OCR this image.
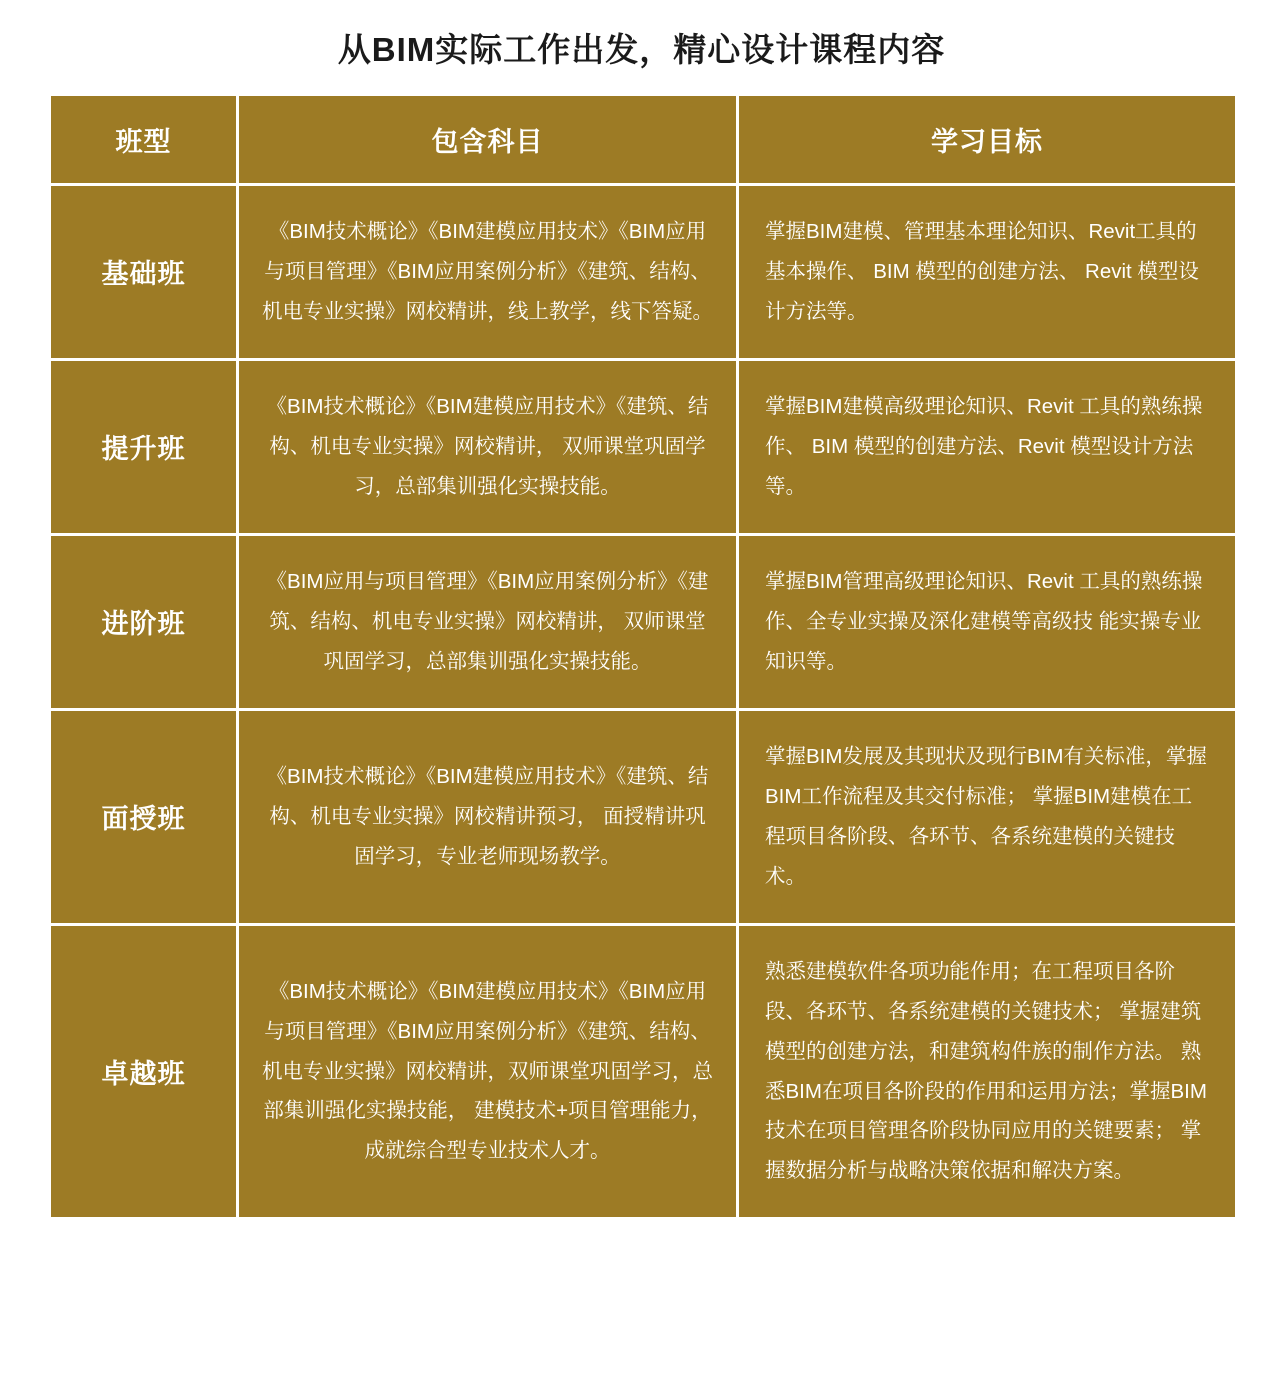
从BIM实际工作出发，精心设计课程内容
班型	包含科目	学习目标
基础班	《BIM技术概论》《BIM建模应用技术》《BIM应用与项目管理》《BIM应用案例分析》《建筑、结构、机电专业实操》网校精讲，线上教学，线下答疑。	掌握BIM建模、管理基本理论知识、Revit工具的基本操作、 BIM 模型的创建方法、 Revit 模型设计方法等。
提升班	《BIM技术概论》《BIM建模应用技术》《建筑、结构、机电专业实操》网校精讲， 双师课堂巩固学习，总部集训强化实操技能。	掌握BIM建模高级理论知识、Revit 工具的熟练操作、 BIM 模型的创建方法、Revit 模型设计方法等。
进阶班	《BIM应用与项目管理》《BIM应用案例分析》《建筑、结构、机电专业实操》网校精讲， 双师课堂巩固学习，总部集训强化实操技能。	掌握BIM管理高级理论知识、Revit 工具的熟练操作、全专业实操及深化建模等高级技 能实操专业知识等。
面授班	《BIM技术概论》《BIM建模应用技术》《建筑、结构、机电专业实操》网校精讲预习， 面授精讲巩固学习，专业老师现场教学。	掌握BIM发展及其现状及现行BIM有关标准，掌握BIM工作流程及其交付标准； 掌握BIM建模在工程项目各阶段、各环节、各系统建模的关键技术。
卓越班	《BIM技术概论》《BIM建模应用技术》《BIM应用与项目管理》《BIM应用案例分析》《建筑、结构、机电专业实操》网校精讲，双师课堂巩固学习，总部集训强化实操技能， 建模技术+项目管理能力，成就综合型专业技术人才。	熟悉建模软件各项功能作用；在工程项目各阶段、各环节、各系统建模的关键技术； 掌握建筑模型的创建方法，和建筑构件族的制作方法。 熟悉BIM在项目各阶段的作用和运用方法；掌握BIM技术在项目管理各阶段协同应用的关键要素； 掌握数据分析与战略决策依据和解决方案。
